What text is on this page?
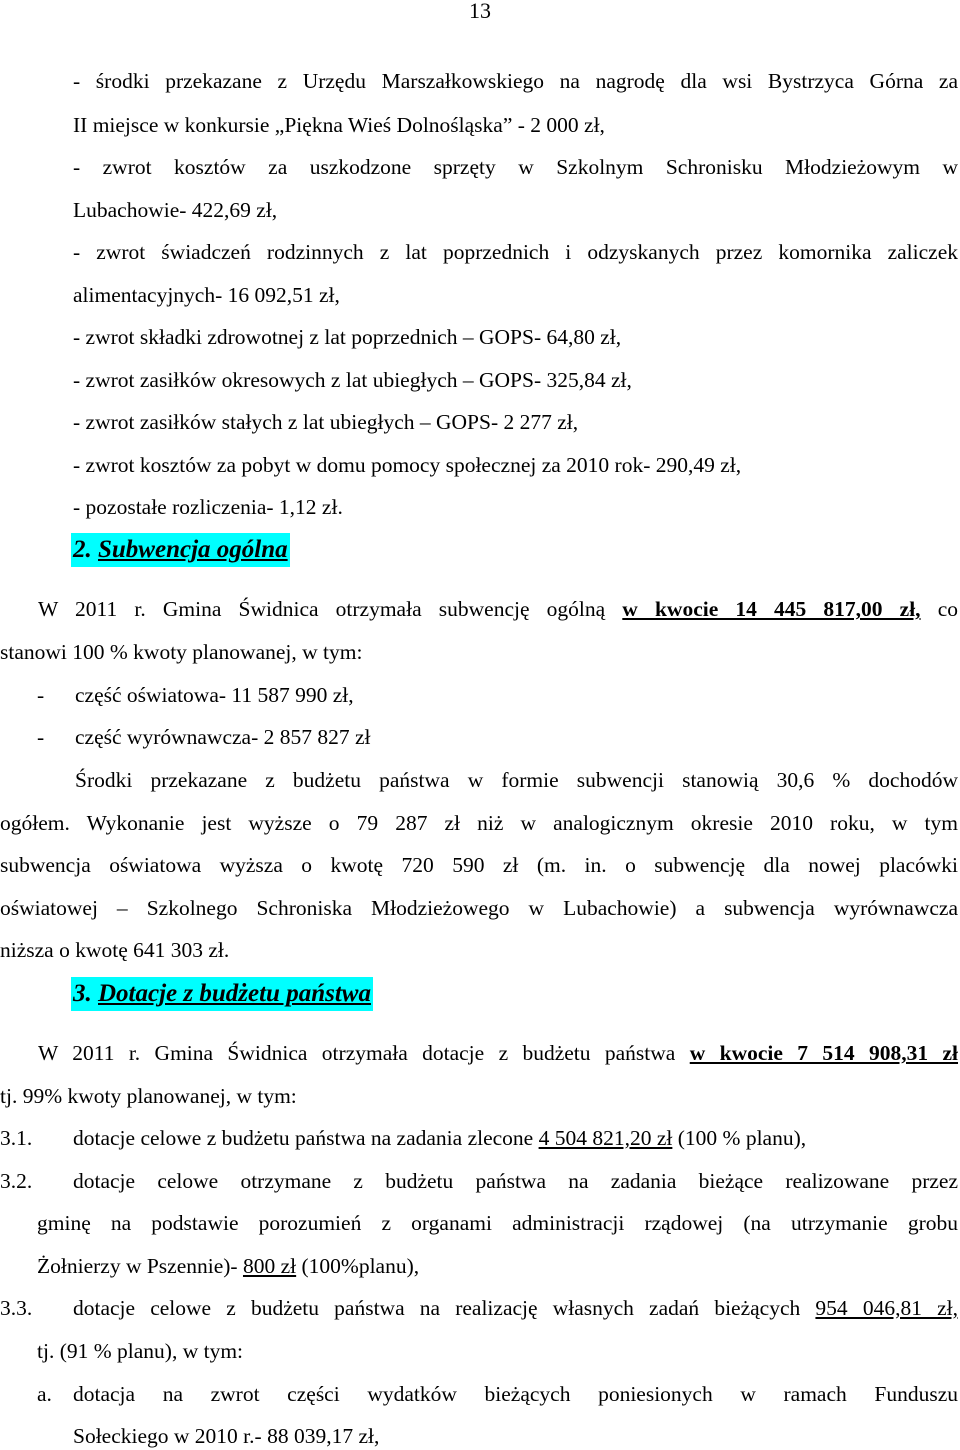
13
- środki przekazane z Urzędu Marszałkowskiego na nagrodę dla wsi Bystrzyca Górna za
II miejsce w konkursie „Piękna Wieś Dolnośląska” - 2 000 zł,
- zwrot kosztów za uszkodzone sprzęty w Szkolnym Schronisku Młodzieżowym w
Lubachowie- 422,69 zł,
- zwrot świadczeń rodzinnych z lat poprzednich i odzyskanych przez komornika zaliczek
alimentacyjnych- 16 092,51 zł,
- zwrot składki zdrowotnej z lat poprzednich – GOPS- 64,80 zł,
- zwrot zasiłków okresowych z lat ubiegłych – GOPS- 325,84 zł,
- zwrot zasiłków stałych z lat ubiegłych – GOPS- 2 277 zł,
- zwrot kosztów za pobyt w domu pomocy społecznej za 2010 rok- 290,49 zł,
- pozostałe rozliczenia- 1,12 zł.
2. Subwencja ogólna
W 2011 r. Gmina Świdnica otrzymała subwencję ogólną w kwocie 14 445 817,00 zł, co
stanowi 100 % kwoty planowanej, w tym:
- część oświatowa- 11 587 990 zł,
- część wyrównawcza- 2 857 827 zł
Środki przekazane z budżetu państwa w formie subwencji stanowią 30,6 % dochodów
ogółem. Wykonanie jest wyższe o 79 287 zł niż w analogicznym okresie 2010 roku, w tym
subwencja oświatowa wyższa o kwotę 720 590 zł (m. in. o subwencję dla nowej placówki
oświatowej – Szkolnego Schroniska Młodzieżowego w Lubachowie) a subwencja wyrównawcza
niższa o kwotę 641 303 zł.
3. Dotacje z budżetu państwa
W 2011 r. Gmina Świdnica otrzymała dotacje z budżetu państwa w kwocie 7 514 908,31 zł
tj. 99% kwoty planowanej, w tym:
3.1. dotacje celowe z budżetu państwa na zadania zlecone 4 504 821,20 zł (100 % planu),
3.2. dotacje celowe otrzymane z budżetu państwa na zadania bieżące realizowane przez
gminę na podstawie porozumień z organami administracji rządowej (na utrzymanie grobu
Żołnierzy w Pszennie)- 800 zł (100%planu),
3.3. dotacje celowe z budżetu państwa na realizację własnych zadań bieżących 954 046,81 zł,
tj. (91 % planu), w tym:
a. dotacja na zwrot części wydatków bieżących poniesionych w ramach Funduszu
Sołeckiego w 2010 r.- 88 039,17 zł,
